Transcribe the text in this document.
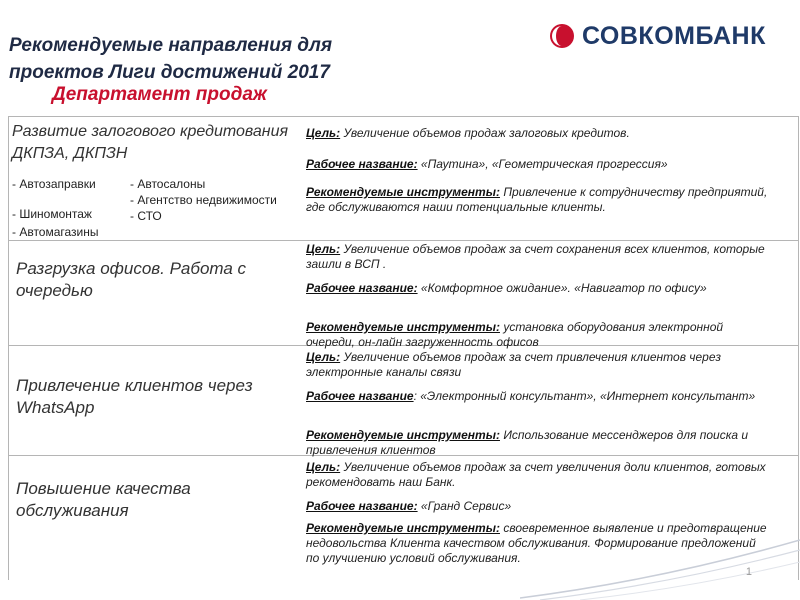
Рекомендуемые направления для проектов Лиги достижений 2017
Департамент продаж
СОВКОМБАНК
Развитие залогового кредитования ДКПЗА, ДКПЗН
- Автозаправки
- Шиномонтаж
- Автомагазины
- Автосалоны
- Агентство недвижимости
- СТО
Цель: Увеличение объемов продаж залоговых кредитов.
Рабочее название: «Паутина», «Геометрическая прогрессия»
Рекомендуемые инструменты: Привлечение к сотрудничеству предприятий, где обслуживаются наши потенциальные клиенты.
Разгрузка офисов. Работа с очередью
Цель: Увеличение объемов продаж за счет сохранения всех клиентов, которые зашли в ВСП .
Рабочее название: «Комфортное ожидание». «Навигатор по офису»
Рекомендуемые инструменты: установка оборудования электронной очереди, он-лайн загруженность офисов
Привлечение клиентов через WhatsApp
Цель: Увеличение объемов продаж за счет привлечения клиентов через электронные каналы связи
Рабочее название: «Электронный консультант», «Интернет консультант»
Рекомендуемые инструменты: Использование мессенджеров для поиска и привлечения клиентов
Повышение качества обслуживания
Цель: Увеличение объемов продаж за счет увеличения доли клиентов, готовых рекомендовать наш Банк.
Рабочее название: «Гранд Сервис»
Рекомендуемые инструменты: своевременное выявление и предотвращение недовольства Клиента качеством обслуживания. Формирование предложений по улучшению условий обслуживания.
1
